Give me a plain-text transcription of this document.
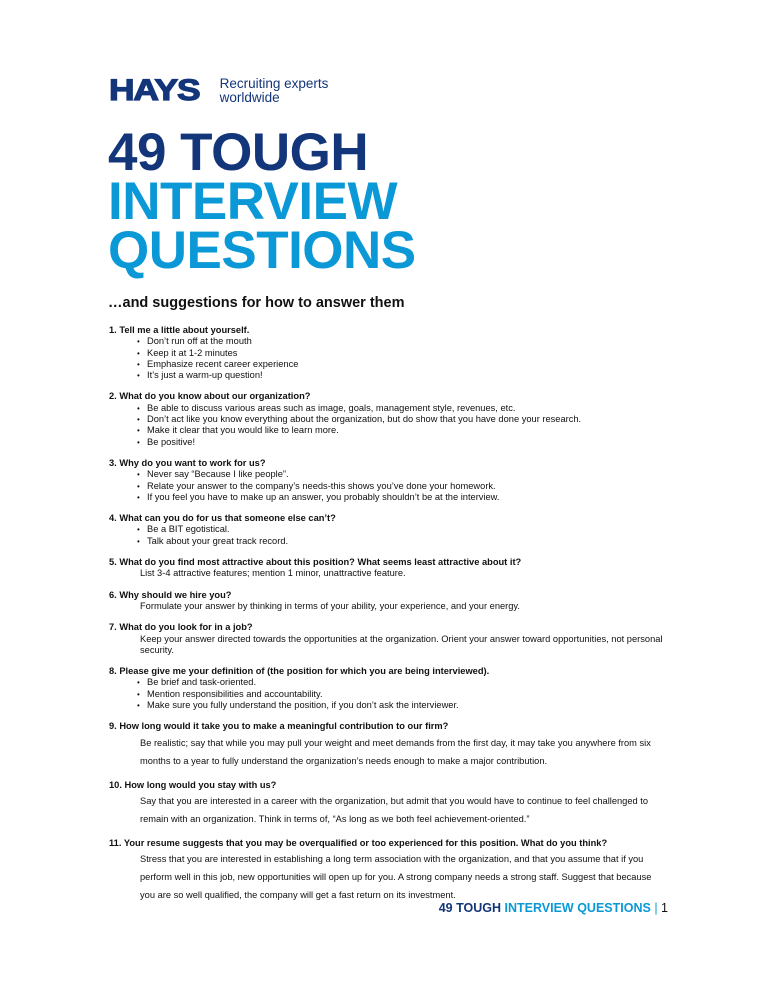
HAYS Recruiting experts
worldwide
49 TOUGH
INTERVIEW
QUESTIONS
…and suggestions for how to answer them

1. Tell me a little about yourself.

• Don’t run off at the mouth
• Keep it at 1-2 minutes
• Emphasize recent career experience
• It’s just a warm-up question!

2. What do you know about our organization?

• Be able to discuss various areas such as image, goals, management style, revenues, etc.
• Don’t act like you know everything about the organization, but do show that you have done your research.
• Make it clear that you would like to learn more.
• Be positive!

3. Why do you want to work for us?

• Never say “Because I like people”.
• Relate your answer to the company’s needs-this shows you’ve done your homework.
• If you feel you have to make up an answer, you probably shouldn’t be at the interview.

4. What can you do for us that someone else can’t?

• Be a BIT egotistical.
• Talk about your great track record.

5. What do you find most attractive about this position? What seems least attractive about it?

List 3-4 attractive features; mention 1 minor, unattractive feature.

6. Why should we hire you?

Formulate your answer by thinking in terms of your ability, your experience, and your energy.

7. What do you look for in a job?

Keep your answer directed towards the opportunities at the organization. Orient your answer toward opportunities, not personal security.

8. Please give me your definition of (the position for which you are being interviewed).

• Be brief and task-oriented.
• Mention responsibilities and accountability.
• Make sure you fully understand the position, if you don’t ask the interviewer.

9. How long would it take you to make a meaningful contribution to our firm?

Be realistic; say that while you may pull your weight and meet demands from the first day, it may take you anywhere from six months to a year to fully understand the organization’s needs enough to make a major contribution.

10. How long would you stay with us?

Say that you are interested in a career with the organization, but admit that you would have to continue to feel challenged to remain with an organization. Think in terms of, “As long as we both feel achievement-oriented.”

11. Your resume suggests that you may be overqualified or too experienced for this position. What do you think?

Stress that you are interested in establishing a long term association with the organization, and that you assume that if you perform well in this job, new opportunities will open up for you. A strong company needs a strong staff. Suggest that because you are so well qualified, the company will get a fast return on its investment.

49 TOUGH INTERVIEW QUESTIONS | 1
